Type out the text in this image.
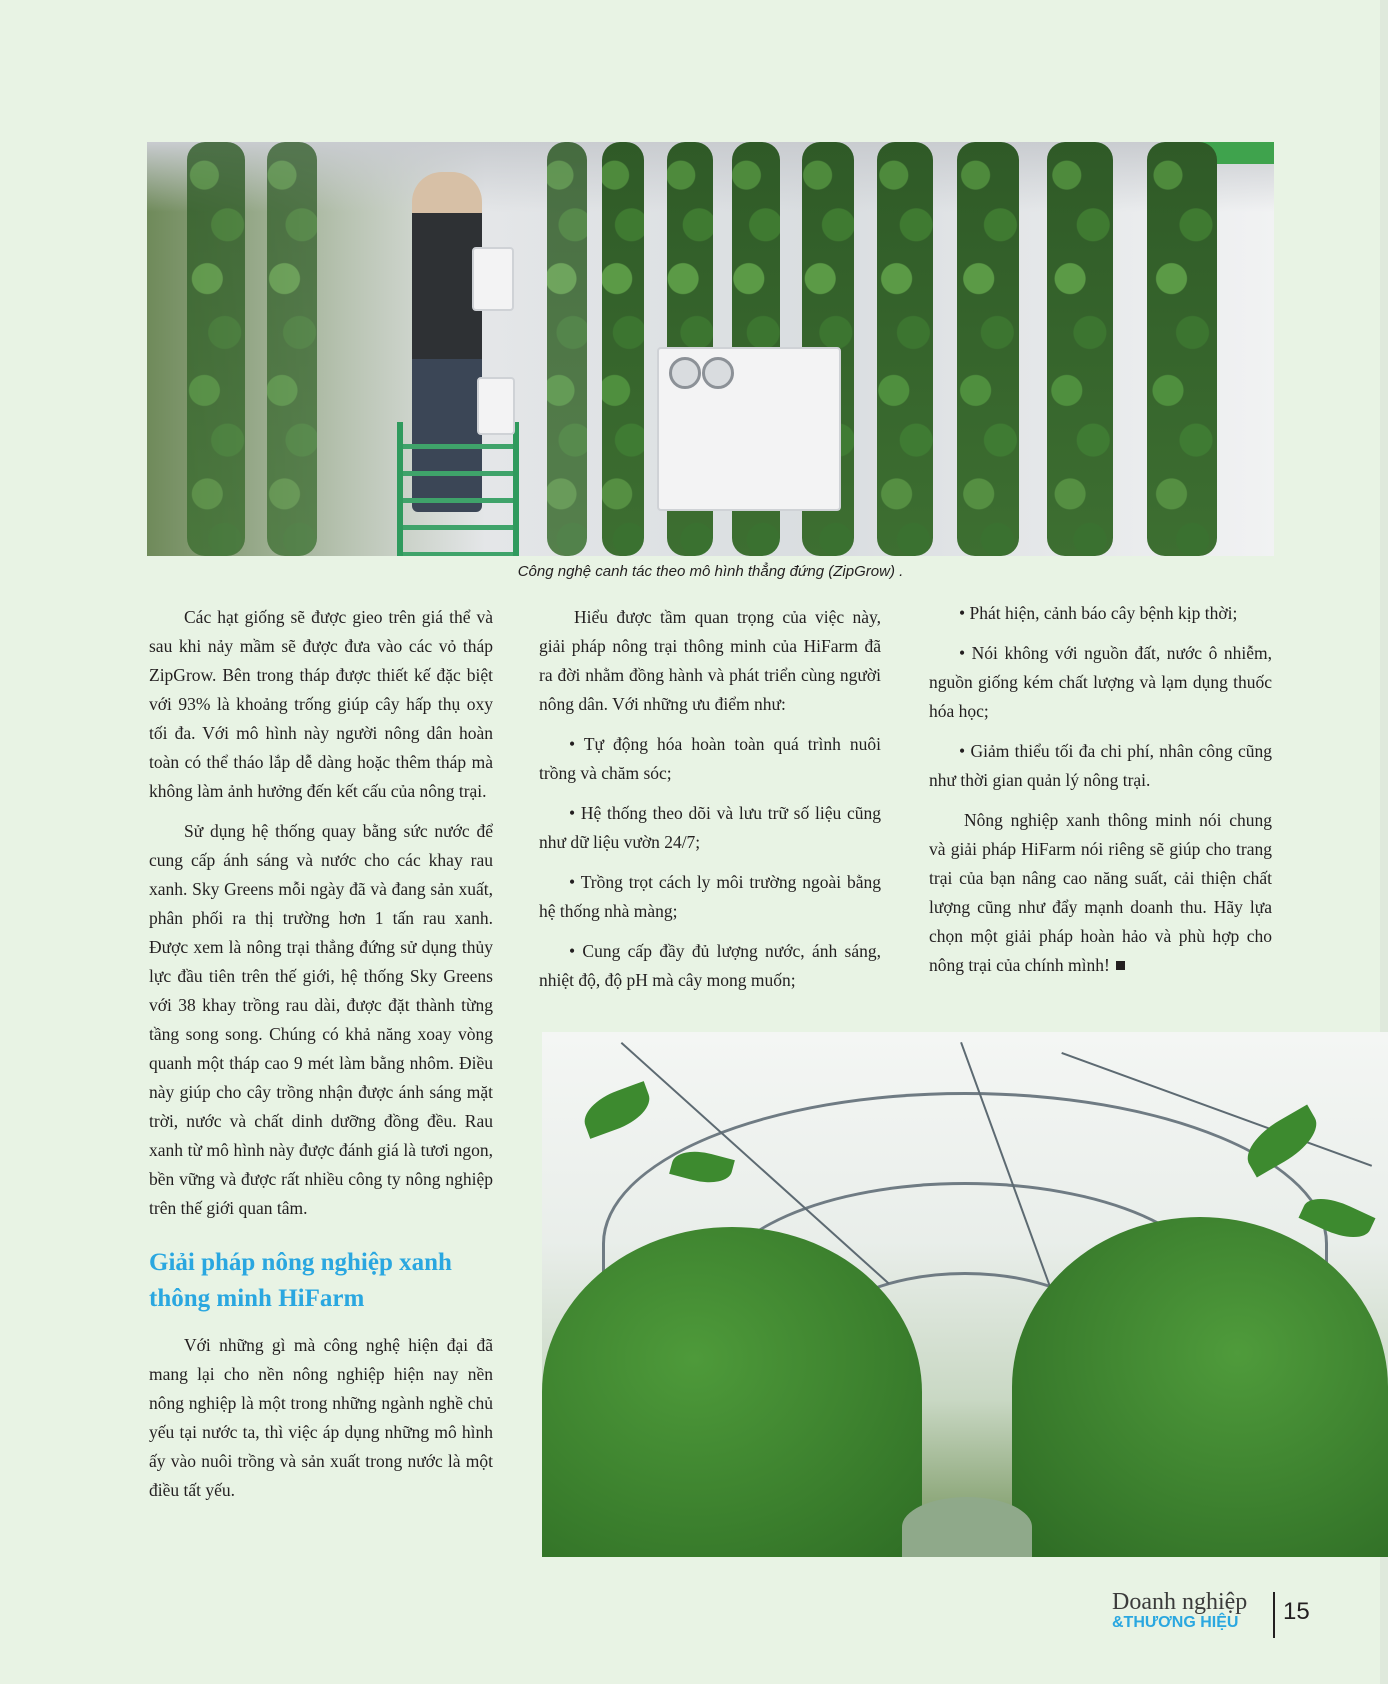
Công nghệ canh tác theo mô hình thẳng đứng (ZipGrow) .

Các hạt giống sẽ được gieo trên giá thể và sau khi nảy mầm sẽ được đưa vào các vỏ tháp ZipGrow. Bên trong tháp được thiết kế đặc biệt với 93% là khoảng trống giúp cây hấp thụ oxy tối đa. Với mô hình này người nông dân hoàn toàn có thể tháo lắp dễ dàng hoặc thêm tháp mà không làm ảnh hưởng đến kết cấu của nông trại.

Sử dụng hệ thống quay bằng sức nước để cung cấp ánh sáng và nước cho các khay rau xanh. Sky Greens mỗi ngày đã và đang sản xuất, phân phối ra thị trường hơn 1 tấn rau xanh. Được xem là nông trại thẳng đứng sử dụng thủy lực đầu tiên trên thế giới, hệ thống Sky Greens với 38 khay trồng rau dài, được đặt thành từng tầng song song. Chúng có khả năng xoay vòng quanh một tháp cao 9 mét làm bằng nhôm. Điều này giúp cho cây trồng nhận được ánh sáng mặt trời, nước và chất dinh dưỡng đồng đều. Rau xanh từ mô hình này được đánh giá là tươi ngon, bền vững và được rất nhiều công ty nông nghiệp trên thế giới quan tâm.

Giải pháp nông nghiệp xanh thông minh HiFarm

Với những gì mà công nghệ hiện đại đã mang lại cho nền nông nghiệp hiện nay nền nông nghiệp là một trong những ngành nghề chủ yếu tại nước ta, thì việc áp dụng những mô hình ấy vào nuôi trồng và sản xuất trong nước là một điều tất yếu.

Hiểu được tầm quan trọng của việc này, giải pháp nông trại thông minh của HiFarm đã ra đời nhằm đồng hành và phát triển cùng người nông dân. Với những ưu điểm như:

• Tự động hóa hoàn toàn quá trình nuôi trồng và chăm sóc;

• Hệ thống theo dõi và lưu trữ số liệu cũng như dữ liệu vườn 24/7;

• Trồng trọt cách ly môi trường ngoài bằng hệ thống nhà màng;

• Cung cấp đầy đủ lượng nước, ánh sáng, nhiệt độ, độ pH mà cây mong muốn;

• Phát hiện, cảnh báo cây bệnh kịp thời;

• Nói không với nguồn đất, nước ô nhiễm, nguồn giống kém chất lượng và lạm dụng thuốc hóa học;

• Giảm thiểu tối đa chi phí, nhân công cũng như thời gian quản lý nông trại.

Nông nghiệp xanh thông minh nói chung và giải pháp HiFarm nói riêng sẽ giúp cho trang trại của bạn nâng cao năng suất, cải thiện chất lượng cũng như đẩy mạnh doanh thu. Hãy lựa chọn một giải pháp hoàn hảo và phù hợp cho nông trại của chính mình!

Doanh nghiệp
&THƯƠNG HIỆU	15
